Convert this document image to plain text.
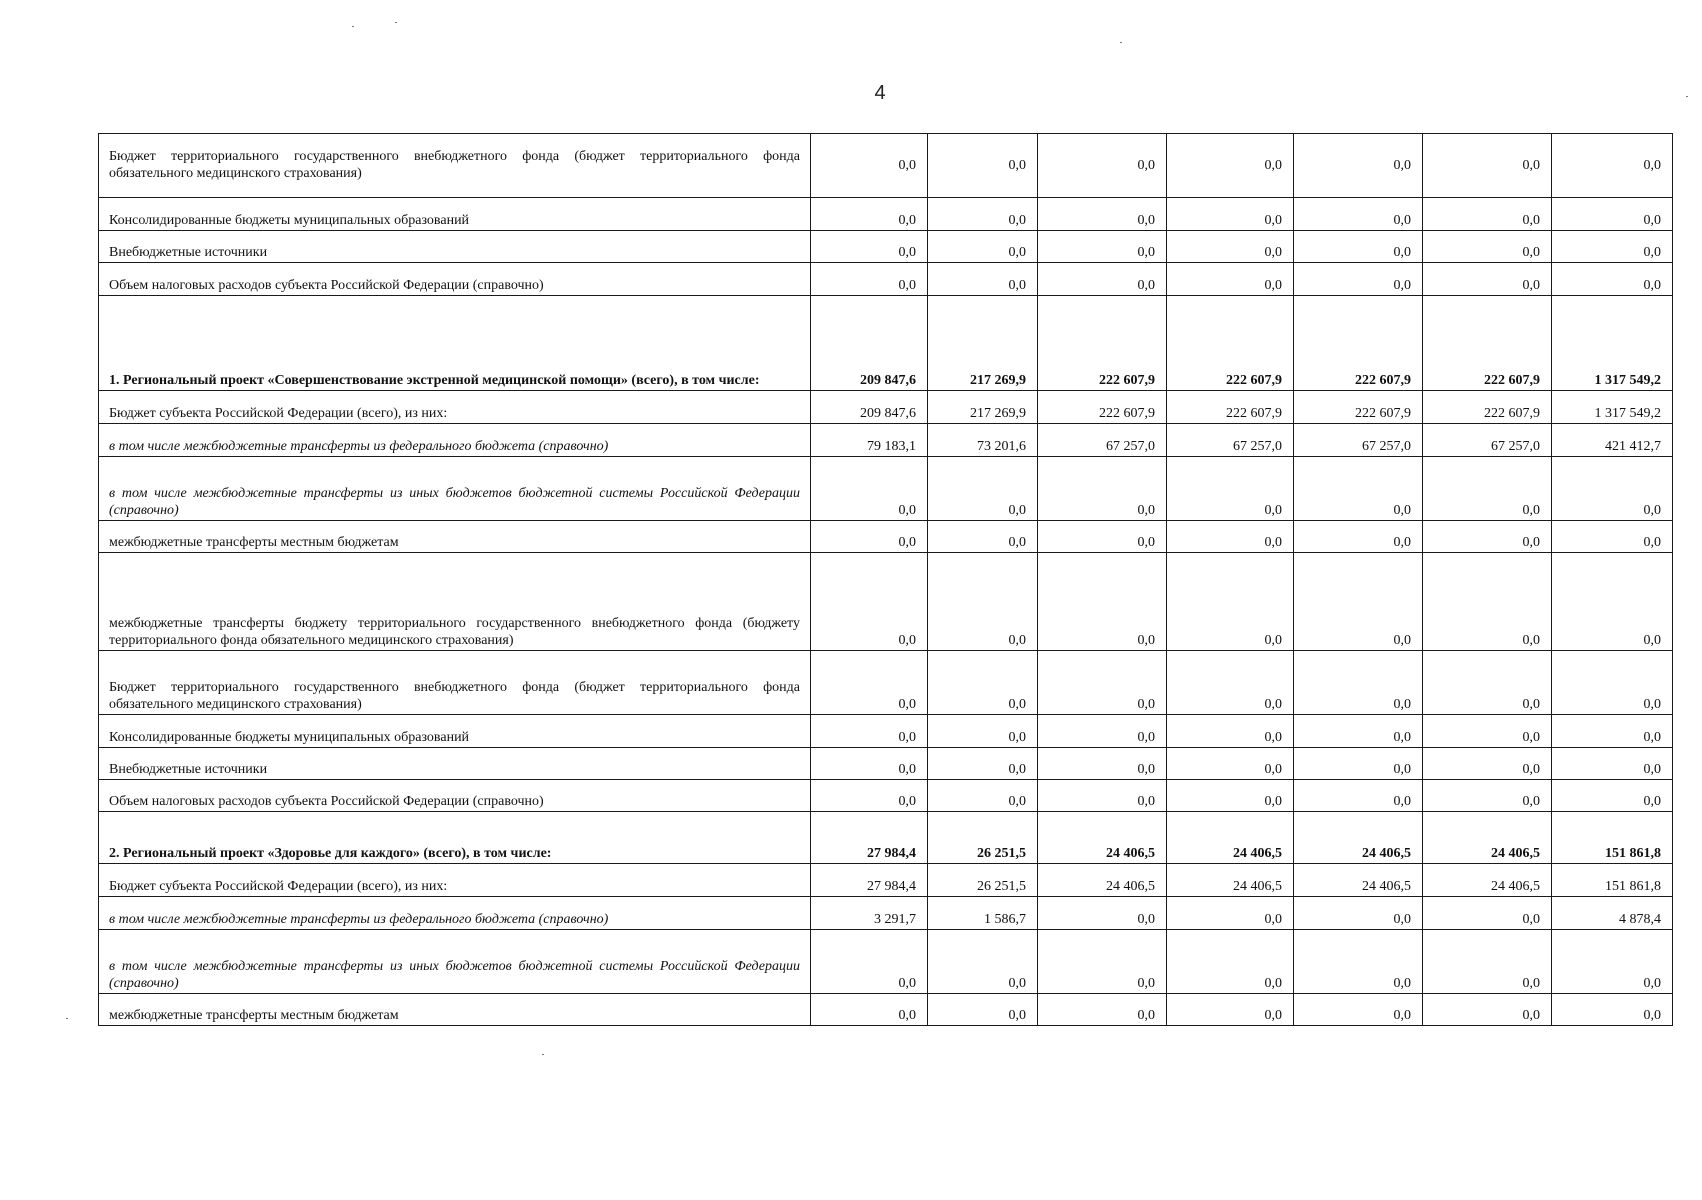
4
Бюджет территориального государственного внебюджетного фонда (бюджет территориального фонда обязательного медицинского страхования)	0,0	0,0	0,0	0,0	0,0	0,0	0,0
Консолидированные бюджеты муниципальных образований	0,0	0,0	0,0	0,0	0,0	0,0	0,0
Внебюджетные источники	0,0	0,0	0,0	0,0	0,0	0,0	0,0
Объем налоговых расходов субъекта Российской Федерации (справочно)	0,0	0,0	0,0	0,0	0,0	0,0	0,0
1. Региональный проект «Совершенствование экстренной медицинской помощи» (всего), в том числе:	209 847,6	217 269,9	222 607,9	222 607,9	222 607,9	222 607,9	1 317 549,2
Бюджет субъекта Российской Федерации (всего), из них:	209 847,6	217 269,9	222 607,9	222 607,9	222 607,9	222 607,9	1 317 549,2
в том числе межбюджетные трансферты из федерального бюджета (справочно)	79 183,1	73 201,6	67 257,0	67 257,0	67 257,0	67 257,0	421 412,7
в том числе межбюджетные трансферты из иных бюджетов бюджетной системы Российской Федерации (справочно)	0,0	0,0	0,0	0,0	0,0	0,0	0,0
межбюджетные трансферты местным бюджетам	0,0	0,0	0,0	0,0	0,0	0,0	0,0
межбюджетные трансферты бюджету территориального государственного внебюджетного фонда (бюджету территориального фонда обязательного медицинского страхования)	0,0	0,0	0,0	0,0	0,0	0,0	0,0
Бюджет территориального государственного внебюджетного фонда (бюджет территориального фонда обязательного медицинского страхования)	0,0	0,0	0,0	0,0	0,0	0,0	0,0
Консолидированные бюджеты муниципальных образований	0,0	0,0	0,0	0,0	0,0	0,0	0,0
Внебюджетные источники	0,0	0,0	0,0	0,0	0,0	0,0	0,0
Объем налоговых расходов субъекта Российской Федерации (справочно)	0,0	0,0	0,0	0,0	0,0	0,0	0,0
2. Региональный проект «Здоровье для каждого» (всего), в том числе:	27 984,4	26 251,5	24 406,5	24 406,5	24 406,5	24 406,5	151 861,8
Бюджет субъекта Российской Федерации (всего), из них:	27 984,4	26 251,5	24 406,5	24 406,5	24 406,5	24 406,5	151 861,8
в том числе межбюджетные трансферты из федерального бюджета (справочно)	3 291,7	1 586,7	0,0	0,0	0,0	0,0	4 878,4
в том числе межбюджетные трансферты из иных бюджетов бюджетной системы Российской Федерации (справочно)	0,0	0,0	0,0	0,0	0,0	0,0	0,0
межбюджетные трансферты местным бюджетам	0,0	0,0	0,0	0,0	0,0	0,0	0,0
